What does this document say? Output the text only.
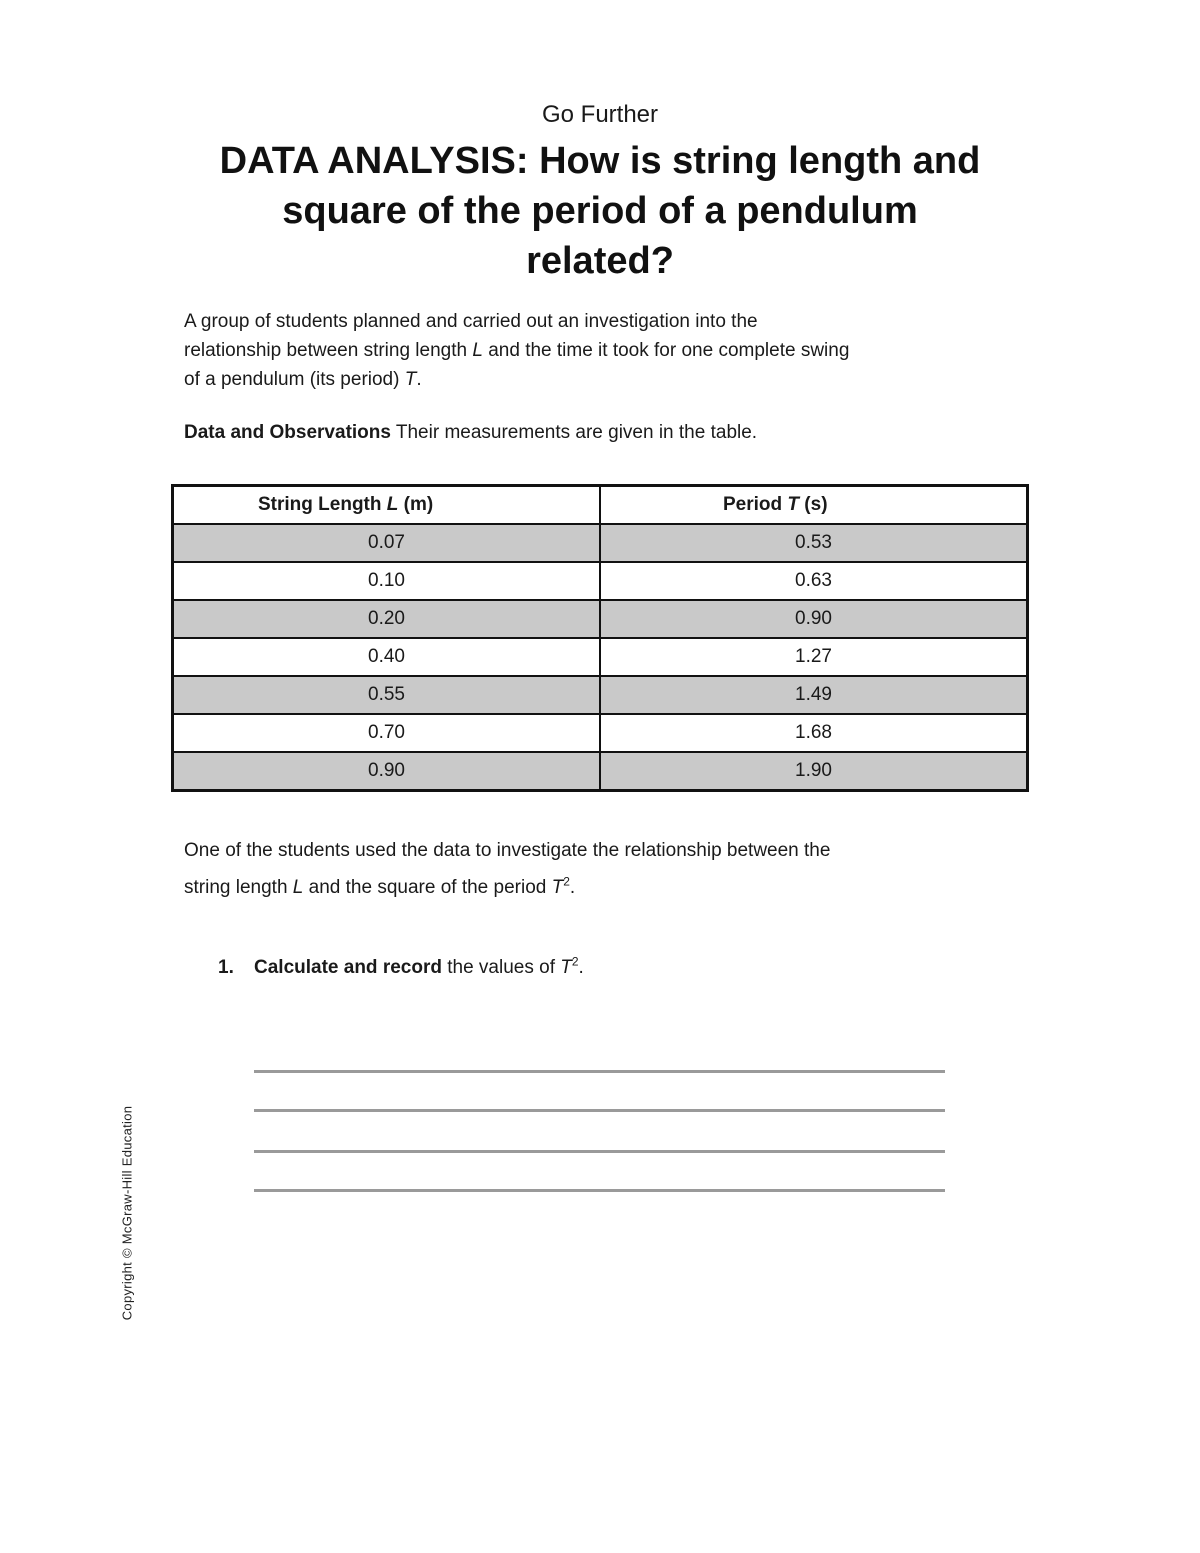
Go Further
DATA ANALYSIS: How is string length and
square of the period of a pendulum
related?
A group of students planned and carried out an investigation into the
relationship between string length L and the time it took for one complete swing
of a pendulum (its period) T.
Data and Observations Their measurements are given in the table.
String Length L (m)	Period T (s)
0.07	0.53
0.10	0.63
0.20	0.90
0.40	1.27
0.55	1.49
0.70	1.68
0.90	1.90
One of the students used the data to investigate the relationship between the
string length L and the square of the period $T^2$.
1. Calculate and record the values of $T^2$.
Copyright © McGraw-Hill Education
